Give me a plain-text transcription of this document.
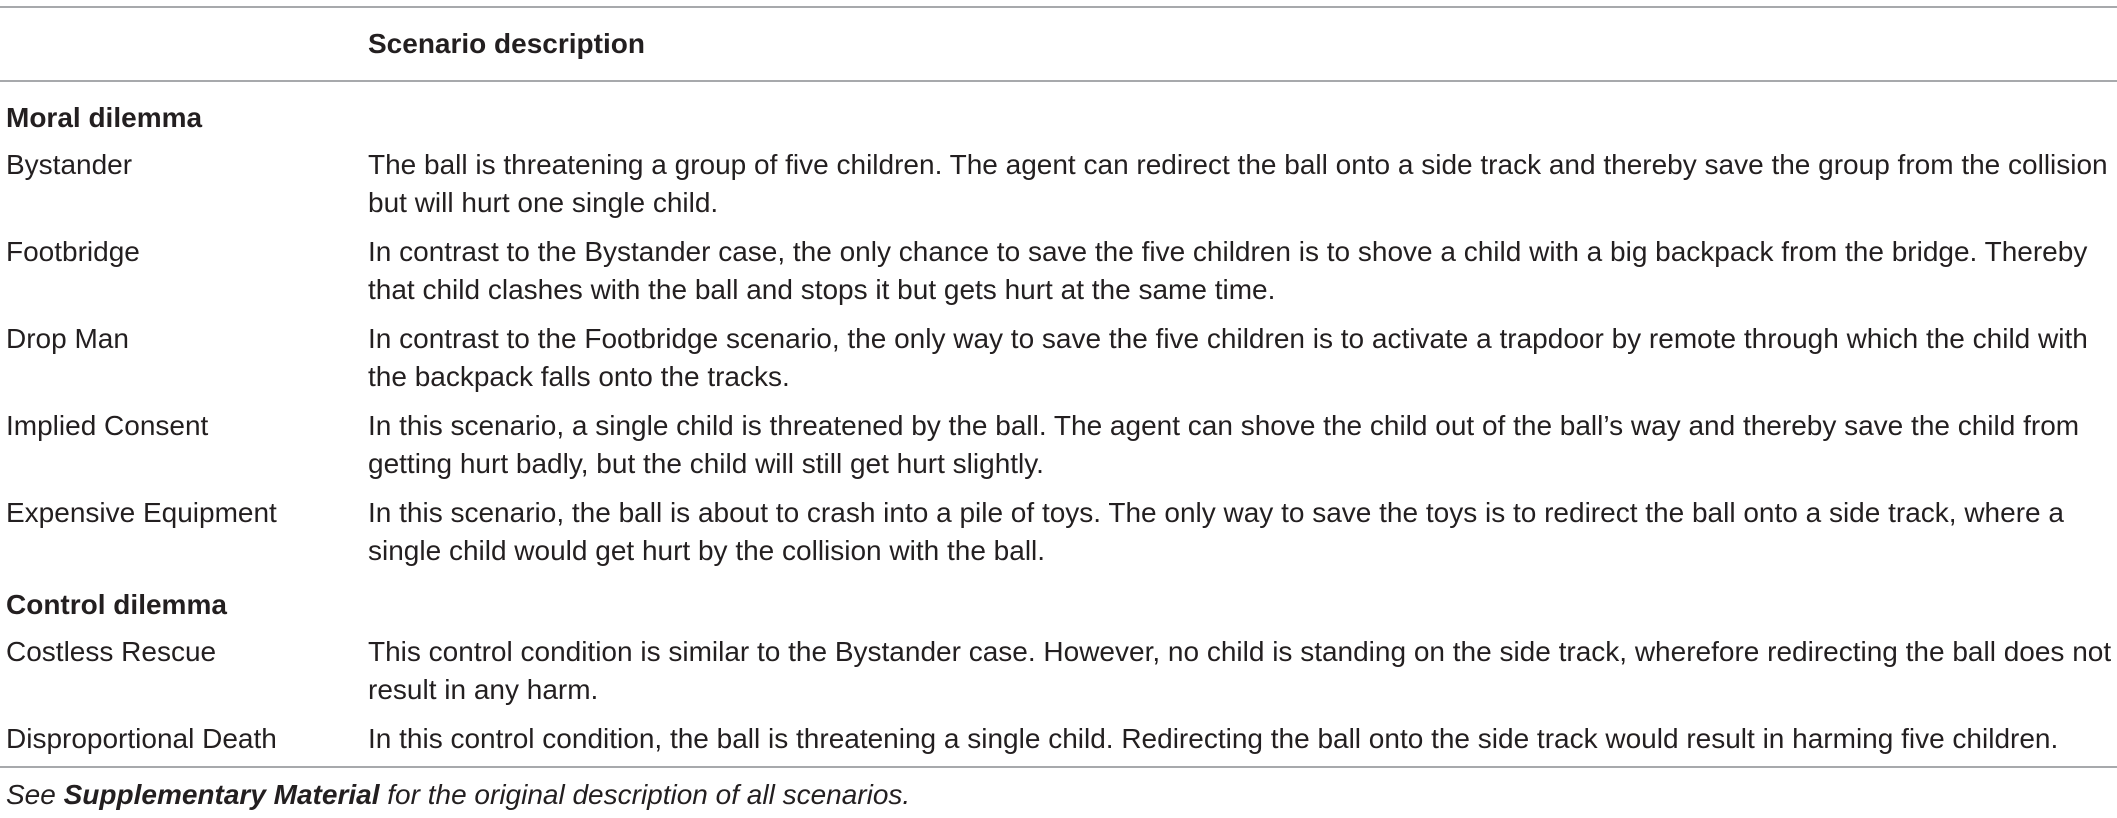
	Scenario description
Moral dilemma	
Bystander	The ball is threatening a group of five children. The agent can redirect the ball onto a side track and thereby save the group from the collision but will hurt one single child.
Footbridge	In contrast to the Bystander case, the only chance to save the five children is to shove a child with a big backpack from the bridge. Thereby that child clashes with the ball and stops it but gets hurt at the same time.
Drop Man	In contrast to the Footbridge scenario, the only way to save the five children is to activate a trapdoor by remote through which the child with the backpack falls onto the tracks.
Implied Consent	In this scenario, a single child is threatened by the ball. The agent can shove the child out of the ball’s way and thereby save the child from getting hurt badly, but the child will still get hurt slightly.
Expensive Equipment	In this scenario, the ball is about to crash into a pile of toys. The only way to save the toys is to redirect the ball onto a side track, where a single child would get hurt by the collision with the ball.
Control dilemma	
Costless Rescue	This control condition is similar to the Bystander case. However, no child is standing on the side track, wherefore redirecting the ball does not result in any harm.
Disproportional Death	In this control condition, the ball is threatening a single child. Redirecting the ball onto the side track would result in harming five children.
See Supplementary Material for the original description of all scenarios.
